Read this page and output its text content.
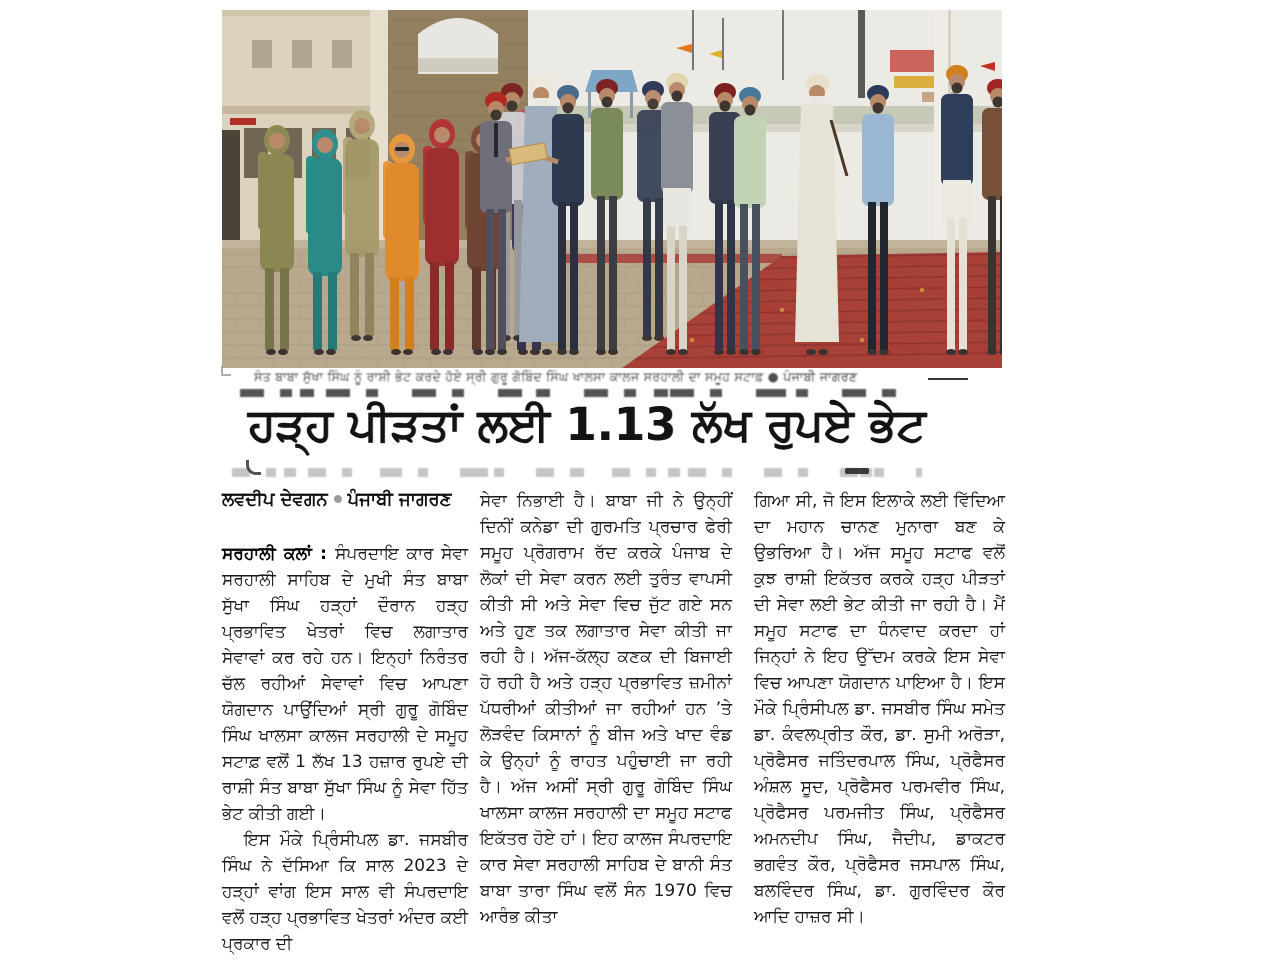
ਸੰਤ ਬਾਬਾ ਸੁੱਖਾ ਸਿੰਘ ਨੂੰ ਰਾਸ਼ੀ ਭੇਟ ਕਰਦੇ ਹੋਏ ਸ੍ਰੀ ਗੁਰੂ ਗੋਬਿੰਦ ਸਿੰਘ ਖਾਲਸਾ ਕਾਲਜ ਸਰਹਾਲੀ ਦਾ ਸਮੂਹ ਸਟਾਫ਼ ● ਪੰਜਾਬੀ ਜਾਗਰਣ
ਹੜ੍ਹ ਪੀੜਤਾਂ ਲਈ 1.13 ਲੱਖ ਰੁਪਏ ਭੇਟ
ਲਵਦੀਪ ਦੇਵਗਨ ਪੰਜਾਬੀ ਜਾਗਰਣ

ਸਰਹਾਲੀ ਕਲਾਂ : ਸੰਪਰਦਾਇ ਕਾਰ ਸੇਵਾ ਸਰਹਾਲੀ ਸਾਹਿਬ ਦੇ ਮੁਖੀ ਸੰਤ ਬਾਬਾ ਸੁੱਖਾ ਸਿੰਘ ਹੜ੍ਹਾਂ ਦੌਰਾਨ ਹੜ੍ਹ ਪ੍ਰਭਾਵਿਤ ਖੇਤਰਾਂ ਵਿਚ ਲਗਾਤਾਰ ਸੇਵਾਵਾਂ ਕਰ ਰਹੇ ਹਨ। ਇਨ੍ਹਾਂ ਨਿਰੰਤਰ ਚੱਲ ਰਹੀਆਂ ਸੇਵਾਵਾਂ ਵਿਚ ਆਪਣਾ ਯੋਗਦਾਨ ਪਾਉਂਦਿਆਂ ਸ੍ਰੀ ਗੁਰੂ ਗੋਬਿੰਦ ਸਿੰਘ ਖਾਲਸਾ ਕਾਲਜ ਸਰਹਾਲੀ ਦੇ ਸਮੂਹ ਸਟਾਫ਼ ਵਲੋਂ 1 ਲੱਖ 13 ਹਜ਼ਾਰ ਰੁਪਏ ਦੀ ਰਾਸ਼ੀ ਸੰਤ ਬਾਬਾ ਸੁੱਖਾ ਸਿੰਘ ਨੂੰ ਸੇਵਾ ਹਿੱਤ ਭੇਟ ਕੀਤੀ ਗਈ।

ਇਸ ਮੌਕੇ ਪ੍ਰਿੰਸੀਪਲ ਡਾ. ਜਸਬੀਰ ਸਿੰਘ ਨੇ ਦੱਸਿਆ ਕਿ ਸਾਲ 2023 ਦੇ ਹੜ੍ਹਾਂ ਵਾਂਗ ਇਸ ਸਾਲ ਵੀ ਸੰਪਰਦਾਇ ਵਲੋਂ ਹੜ੍ਹ ਪ੍ਰਭਾਵਿਤ ਖੇਤਰਾਂ ਅੰਦਰ ਕਈ ਪ੍ਰਕਾਰ ਦੀ

ਸੇਵਾ ਨਿਭਾਈ ਹੈ। ਬਾਬਾ ਜੀ ਨੇ ਉਨ੍ਹੀਂ ਦਿਨੀਂ ਕਨੇਡਾ ਦੀ ਗੁਰਮਤਿ ਪ੍ਰਚਾਰ ਫੇਰੀ ਸਮੂਹ ਪ੍ਰੋਗਰਾਮ ਰੱਦ ਕਰਕੇ ਪੰਜਾਬ ਦੇ ਲੋਕਾਂ ਦੀ ਸੇਵਾ ਕਰਨ ਲਈ ਤੁਰੰਤ ਵਾਪਸੀ ਕੀਤੀ ਸੀ ਅਤੇ ਸੇਵਾ ਵਿਚ ਜੁੱਟ ਗਏ ਸਨ ਅਤੇ ਹੁਣ ਤਕ ਲਗਾਤਾਰ ਸੇਵਾ ਕੀਤੀ ਜਾ ਰਹੀ ਹੈ। ਅੱਜ-ਕੱਲ੍ਹ ਕਣਕ ਦੀ ਬਿਜਾਈ ਹੋ ਰਹੀ ਹੈ ਅਤੇ ਹੜ੍ਹ ਪ੍ਰਭਾਵਿਤ ਜ਼ਮੀਨਾਂ ਪੱਧਰੀਆਂ ਕੀਤੀਆਂ ਜਾ ਰਹੀਆਂ ਹਨ ’ਤੇ ਲੋੜਵੰਦ ਕਿਸਾਨਾਂ ਨੂੰ ਬੀਜ ਅਤੇ ਖਾਦ ਵੰਡ ਕੇ ਉਨ੍ਹਾਂ ਨੂੰ ਰਾਹਤ ਪਹੁੰਚਾਈ ਜਾ ਰਹੀ ਹੈ। ਅੱਜ ਅਸੀਂ ਸ੍ਰੀ ਗੁਰੂ ਗੋਬਿੰਦ ਸਿੰਘ ਖਾਲਸਾ ਕਾਲਜ ਸਰਹਾਲੀ ਦਾ ਸਮੂਹ ਸਟਾਫ ਇਕੱਤਰ ਹੋਏ ਹਾਂ। ਇਹ ਕਾਲਜ ਸੰਪਰਦਾਇ ਕਾਰ ਸੇਵਾ ਸਰਹਾਲੀ ਸਾਹਿਬ ਦੇ ਬਾਨੀ ਸੰਤ ਬਾਬਾ ਤਾਰਾ ਸਿੰਘ ਵਲੋਂ ਸੰਨ 1970 ਵਿਚ ਆਰੰਭ ਕੀਤਾ

ਗਿਆ ਸੀ, ਜੋ ਇਸ ਇਲਾਕੇ ਲਈ ਵਿੱਦਿਆ ਦਾ ਮਹਾਨ ਚਾਨਣ ਮੁਨਾਰਾ ਬਣ ਕੇ ਉਭਰਿਆ ਹੈ। ਅੱਜ ਸਮੂਹ ਸਟਾਫ ਵਲੋਂ ਕੁਝ ਰਾਸ਼ੀ ਇਕੱਤਰ ਕਰਕੇ ਹੜ੍ਹ ਪੀੜਤਾਂ ਦੀ ਸੇਵਾ ਲਈ ਭੇਟ ਕੀਤੀ ਜਾ ਰਹੀ ਹੈ। ਮੈਂ ਸਮੂਹ ਸਟਾਫ ਦਾ ਧੰਨਵਾਦ ਕਰਦਾ ਹਾਂ ਜਿਨ੍ਹਾਂ ਨੇ ਇਹ ਉੱਦਮ ਕਰਕੇ ਇਸ ਸੇਵਾ ਵਿਚ ਆਪਣਾ ਯੋਗਦਾਨ ਪਾਇਆ ਹੈ। ਇਸ ਮੌਕੇ ਪ੍ਰਿੰਸੀਪਲ ਡਾ. ਜਸਬੀਰ ਸਿੰਘ ਸਮੇਤ ਡਾ. ਕੰਵਲਪ੍ਰੀਤ ਕੌਰ, ਡਾ. ਸੁਮੀ ਅਰੋੜਾ, ਪ੍ਰੋਫੈਸਰ ਜਤਿੰਦਰਪਾਲ ਸਿੰਘ, ਪ੍ਰੋਫੈਸਰ ਅੰਸ਼ਲ ਸੂਦ, ਪ੍ਰੋਫੈਸਰ ਪਰਮਵੀਰ ਸਿੰਘ, ਪ੍ਰੋਫੈਸਰ ਪਰਮਜੀਤ ਸਿੰਘ, ਪ੍ਰੋਫੈਸਰ ਅਮਨਦੀਪ ਸਿੰਘ, ਜੈਦੀਪ, ਡਾਕਟਰ ਭਗਵੰਤ ਕੌਰ, ਪ੍ਰੋਫੈਸਰ ਜਸਪਾਲ ਸਿੰਘ, ਬਲਵਿੰਦਰ ਸਿੰਘ, ਡਾ. ਗੁਰਵਿੰਦਰ ਕੌਰ ਆਦਿ ਹਾਜ਼ਰ ਸੀ।
